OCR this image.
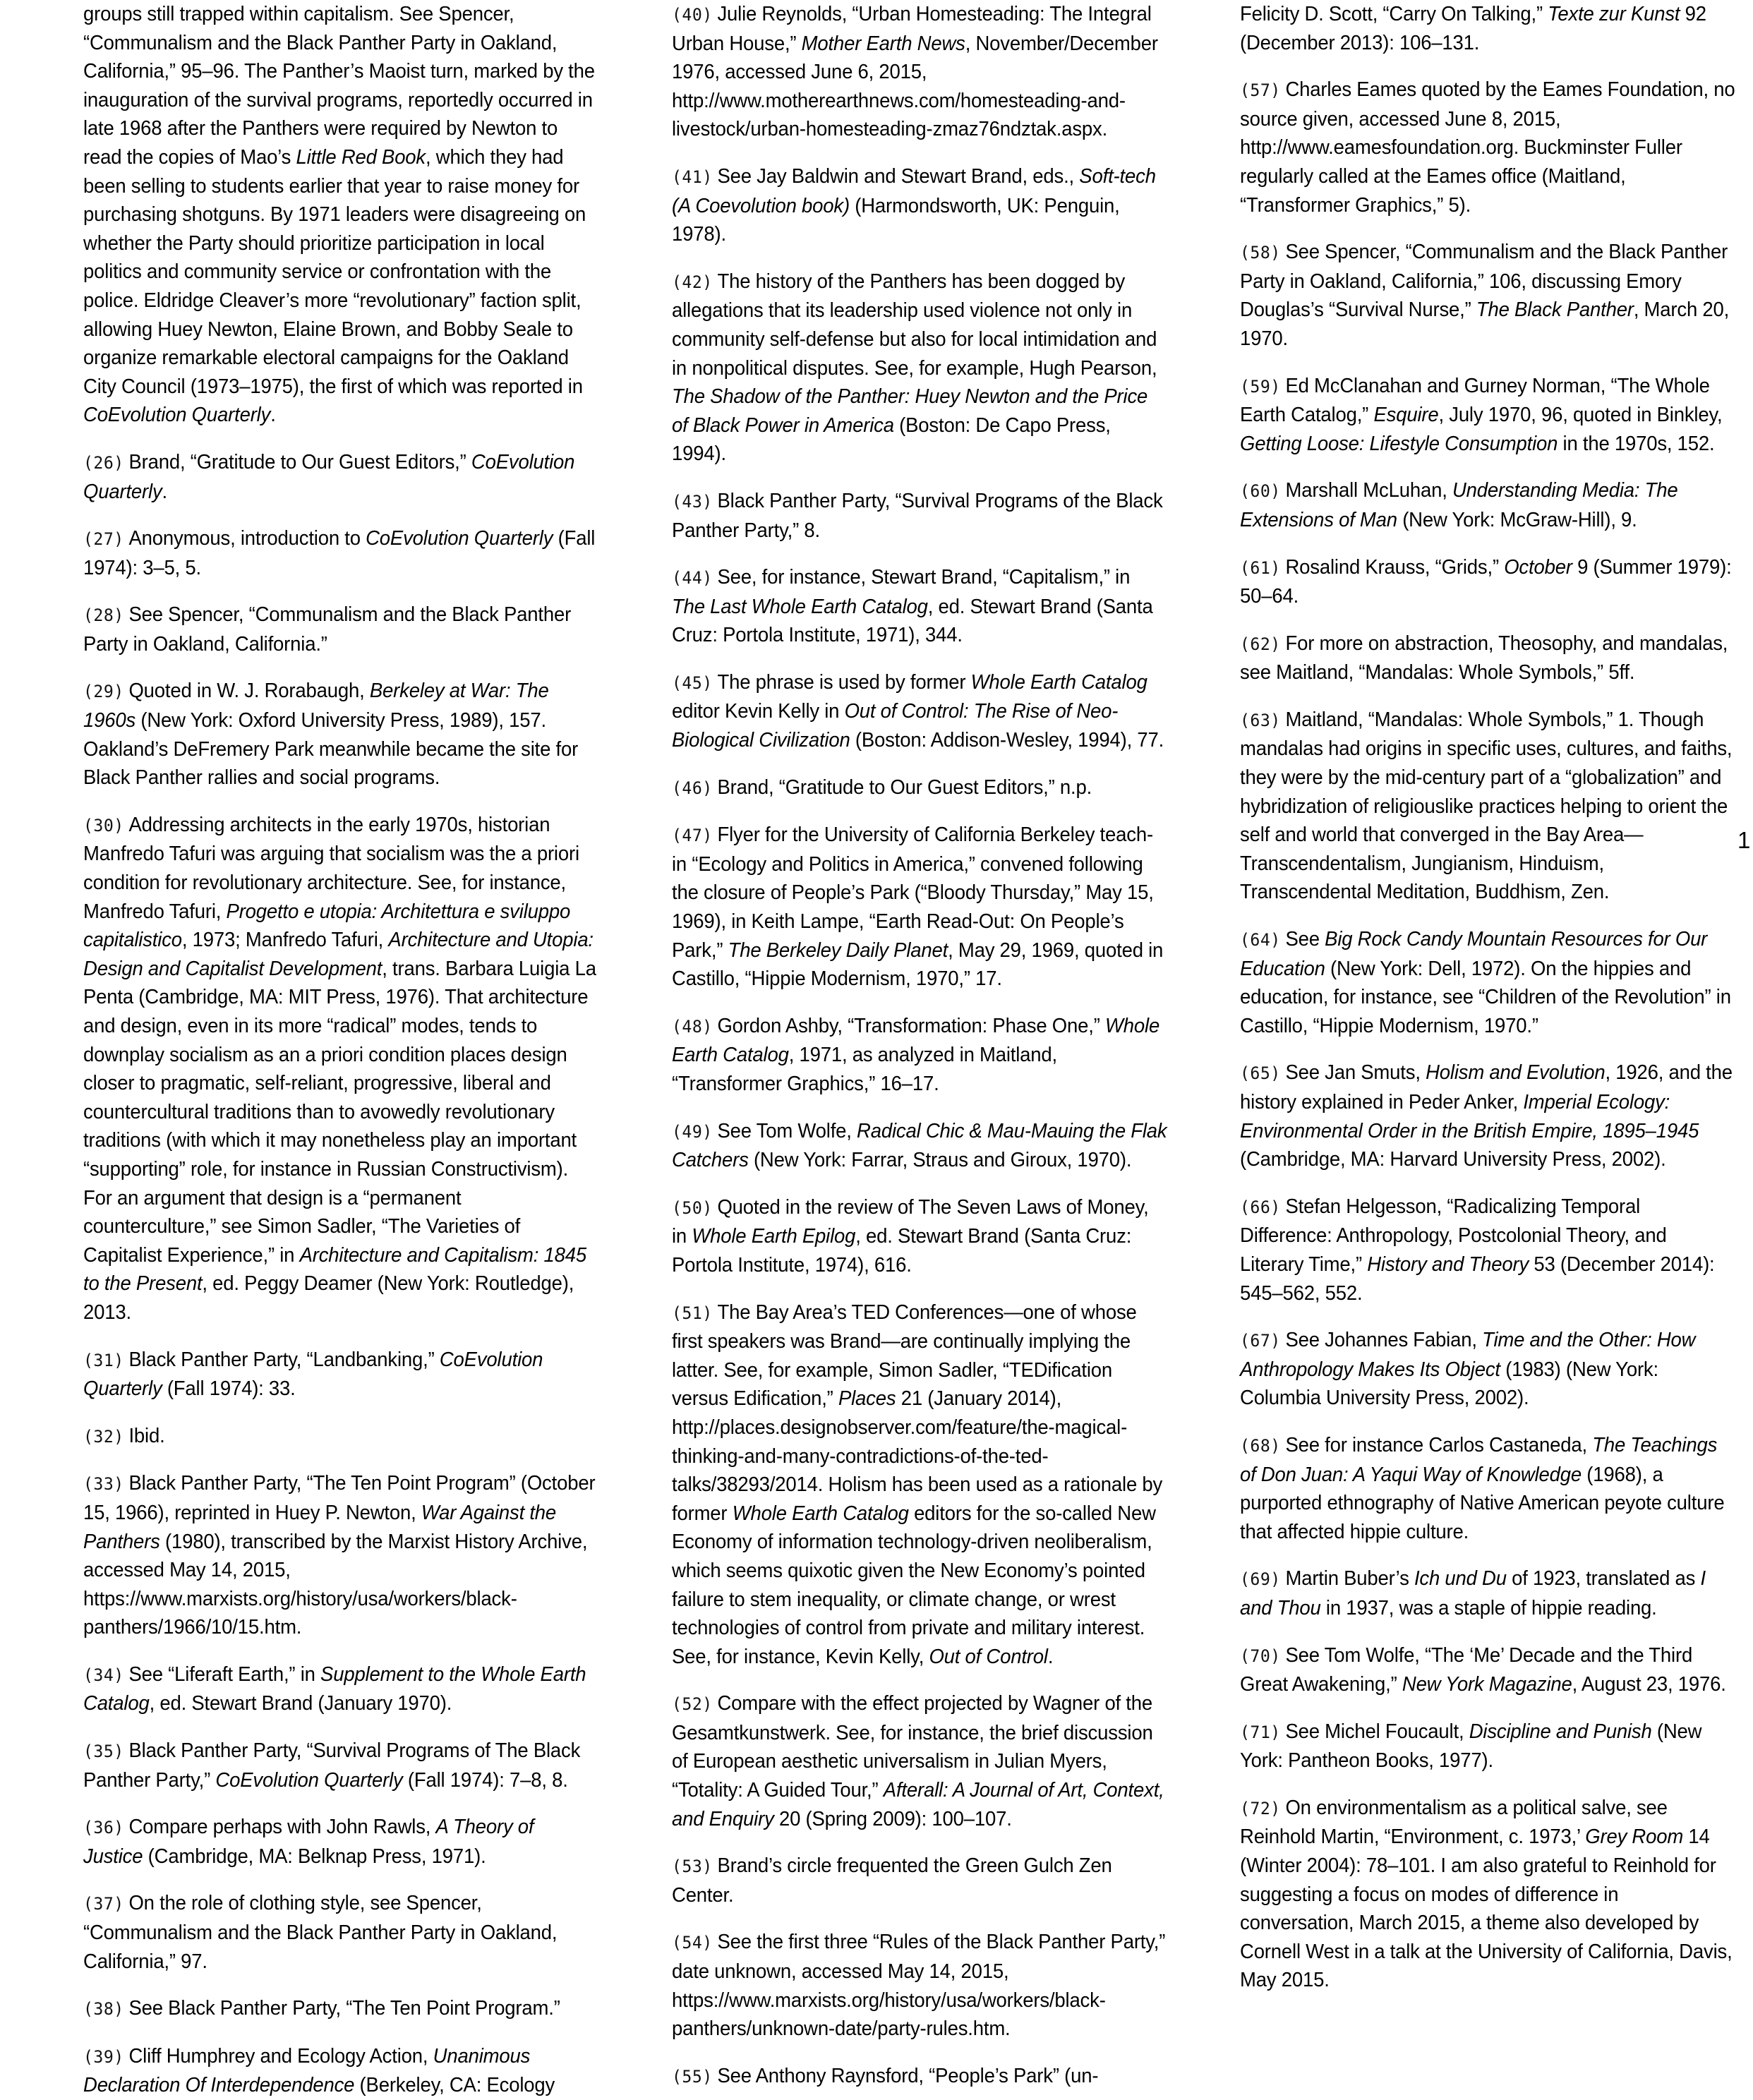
groups still trapped within capitalism. See Spencer, “Communalism and the Black Panther Party in Oakland, California,” 95–96. The Panther’s Maoist turn, marked by the inauguration of the survival programs, reportedly occurred in late 1968 after the Panthers were required by Newton to read the copies of Mao’s Little Red Book, which they had been selling to students earlier that year to raise money for purchasing shotguns. By 1971 leaders were disagreeing on whether the Party should prioritize participation in local politics and community service or confrontation with the police. Eldridge Cleaver’s more “revolutionary” faction split, allowing Huey Newton, Elaine Brown, and Bobby Seale to organize remarkable electoral campaigns for the Oakland City Council (1973–1975), the first of which was reported in CoEvolution Quarterly.

(26) Brand, “Gratitude to Our Guest Editors,” CoEvolution Quarterly.

(27) Anonymous, introduction to CoEvolution Quarterly (Fall 1974): 3–5, 5.

(28) See Spencer, “Communalism and the Black Panther Party in Oakland, California.”

(29) Quoted in W. J. Rorabaugh, Berkeley at War: The 1960s (New York: Oxford University Press, 1989), 157. Oakland’s DeFremery Park meanwhile became the site for Black Panther rallies and social programs.

(30) Addressing architects in the early 1970s, historian Manfredo Tafuri was arguing that socialism was the a priori condition for revolutionary architecture. See, for instance, Manfredo Tafuri, Progetto e utopia: Architettura e sviluppo capitalistico, 1973; Manfredo Tafuri, Architecture and Utopia: Design and Capitalist Development, trans. Barbara Luigia La Penta (Cambridge, MA: MIT Press, 1976). That architecture and design, even in its more “radical” modes, tends to downplay socialism as an a priori condition places design closer to pragmatic, self-reliant, progressive, liberal and countercultural traditions than to avowedly revolutionary traditions (with which it may nonetheless play an important “supporting” role, for instance in Russian Constructivism). For an argument that design is a “permanent counterculture,” see Simon Sadler, “The Varieties of Capitalist Experience,” in Architecture and Capitalism: 1845 to the Present, ed. Peggy Deamer (New York: Routledge), 2013.

(31) Black Panther Party, “Landbanking,” CoEvolution Quarterly (Fall 1974): 33.

(32) Ibid.

(33) Black Panther Party, “The Ten Point Program” (October 15, 1966), reprinted in Huey P. Newton, War Against the Panthers (1980), transcribed by the Marxist History Archive, accessed May 14, 2015, https://www.marxists.org/history/usa/workers/black-panthers/1966/10/15.htm.

(34) See “Liferaft Earth,” in Supplement to the Whole Earth Catalog, ed. Stewart Brand (January 1970).

(35) Black Panther Party, “Survival Programs of The Black Panther Party,” CoEvolution Quarterly (Fall 1974): 7–8, 8.

(36) Compare perhaps with John Rawls, A Theory of Justice (Cambridge, MA: Belknap Press, 1971).

(37) On the role of clothing style, see Spencer, “Communalism and the Black Panther Party in Oakland, California,” 97.

(38) See Black Panther Party, “The Ten Point Program.”

(39) Cliff Humphrey and Ecology Action, Unanimous Declaration Of Interdependence (Berkeley, CA: Ecology

(40) Julie Reynolds, “Urban Homesteading: The Integral Urban House,” Mother Earth News, November/December 1976, accessed June 6, 2015, http://www.motherearthnews.com/homesteading-and-livestock/urban-homesteading-zmaz76ndztak.aspx.

(41) See Jay Baldwin and Stewart Brand, eds., Soft-tech (A Coevolution book) (Harmondsworth, UK: Penguin, 1978).

(42) The history of the Panthers has been dogged by allegations that its leadership used violence not only in community self-defense but also for local intimidation and in nonpolitical disputes. See, for example, Hugh Pearson, The Shadow of the Panther: Huey Newton and the Price of Black Power in America (Boston: De Capo Press, 1994).

(43) Black Panther Party, “Survival Programs of the Black Panther Party,” 8.

(44) See, for instance, Stewart Brand, “Capitalism,” in The Last Whole Earth Catalog, ed. Stewart Brand (Santa Cruz: Portola Institute, 1971), 344.

(45) The phrase is used by former Whole Earth Catalog editor Kevin Kelly in Out of Control: The Rise of Neo-Biological Civilization (Boston: Addison-Wesley, 1994), 77.

(46) Brand, “Gratitude to Our Guest Editors,” n.p.

(47) Flyer for the University of California Berkeley teach-in “Ecology and Politics in America,” convened following the closure of People’s Park (“Bloody Thursday,” May 15, 1969), in Keith Lampe, “Earth Read-Out: On People’s Park,” The Berkeley Daily Planet, May 29, 1969, quoted in Castillo, “Hippie Modernism, 1970,” 17.

(48) Gordon Ashby, “Transformation: Phase One,” Whole Earth Catalog, 1971, as analyzed in Maitland, “Transformer Graphics,” 16–17.

(49) See Tom Wolfe, Radical Chic & Mau-Mauing the Flak Catchers (New York: Farrar, Straus and Giroux, 1970).

(50) Quoted in the review of The Seven Laws of Money, in Whole Earth Epilog, ed. Stewart Brand (Santa Cruz: Portola Institute, 1974), 616.

(51) The Bay Area’s TED Conferences—one of whose first speakers was Brand—are continually implying the latter. See, for example, Simon Sadler, “TEDification versus Edification,” Places 21 (January 2014), http://places.designobserver.com/feature/the-magical-thinking-and-many-contradictions-of-the-ted-talks/38293/2014. Holism has been used as a rationale by former Whole Earth Catalog editors for the so-called New Economy of information technology-driven neoliberalism, which seems quixotic given the New Economy’s pointed failure to stem inequality, or climate change, or wrest technologies of control from private and military interest. See, for instance, Kevin Kelly, Out of Control.

(52) Compare with the effect projected by Wagner of the Gesamtkunstwerk. See, for instance, the brief discussion of European aesthetic universalism in Julian Myers, “Totality: A Guided Tour,” Afterall: A Journal of Art, Context, and Enquiry 20 (Spring 2009): 100–107.

(53) Brand’s circle frequented the Green Gulch Zen Center.

(54) See the first three “Rules of the Black Panther Party,” date unknown, accessed May 14, 2015, https://www.marxists.org/history/usa/workers/black-panthers/unknown-date/party-rules.htm.

(55) See Anthony Raynsford, “People’s Park” (un-

Felicity D. Scott, “Carry On Talking,” Texte zur Kunst 92 (December 2013): 106–131.

(57) Charles Eames quoted by the Eames Foundation, no source given, accessed June 8, 2015, http://www.eamesfoundation.org. Buckminster Fuller regularly called at the Eames office (Maitland, “Transformer Graphics,” 5).

(58) See Spencer, “Communalism and the Black Panther Party in Oakland, California,” 106, discussing Emory Douglas’s “Survival Nurse,” The Black Panther, March 20, 1970.

(59) Ed McClanahan and Gurney Norman, “The Whole Earth Catalog,” Esquire, July 1970, 96, quoted in Binkley, Getting Loose: Lifestyle Consumption in the 1970s, 152.

(60) Marshall McLuhan, Understanding Media: The Extensions of Man (New York: McGraw-Hill), 9.

(61) Rosalind Krauss, “Grids,” October 9 (Summer 1979): 50–64.

(62) For more on abstraction, Theosophy, and mandalas, see Maitland, “Mandalas: Whole Symbols,” 5ff.

(63) Maitland, “Mandalas: Whole Symbols,” 1. Though mandalas had origins in specific uses, cultures, and faiths, they were by the mid-century part of a “globalization” and hybridization of religiouslike practices helping to orient the self and world that converged in the Bay Area—Transcendentalism, Jungianism, Hinduism, Transcendental Meditation, Buddhism, Zen.

(64) See Big Rock Candy Mountain Resources for Our Education (New York: Dell, 1972). On the hippies and education, for instance, see “Children of the Revolution” in Castillo, “Hippie Modernism, 1970.”

(65) See Jan Smuts, Holism and Evolution, 1926, and the history explained in Peder Anker, Imperial Ecology: Environmental Order in the British Empire, 1895–1945 (Cambridge, MA: Harvard University Press, 2002).

(66) Stefan Helgesson, “Radicalizing Temporal Difference: Anthropology, Postcolonial Theory, and Literary Time,” History and Theory 53 (December 2014): 545–562, 552.

(67) See Johannes Fabian, Time and the Other: How Anthropology Makes Its Object (1983) (New York: Columbia University Press, 2002).

(68) See for instance Carlos Castaneda, The Teachings of Don Juan: A Yaqui Way of Knowledge (1968), a purported ethnography of Native American peyote culture that affected hippie culture.

(69) Martin Buber’s Ich und Du of 1923, translated as I and Thou in 1937, was a staple of hippie reading.

(70) See Tom Wolfe, “The ‘Me’ Decade and the Third Great Awakening,” New York Magazine, August 23, 1976.

(71) See Michel Foucault, Discipline and Punish (New York: Pantheon Books, 1977).

(72) On environmentalism as a political salve, see Reinhold Martin, “Environment, c. 1973,’ Grey Room 14 (Winter 2004): 78–101. I am also grateful to Reinhold for suggesting a focus on modes of difference in conversation, March 2015, a theme also developed by Cornell West in a talk at the University of California, Davis, May 2015.

1
